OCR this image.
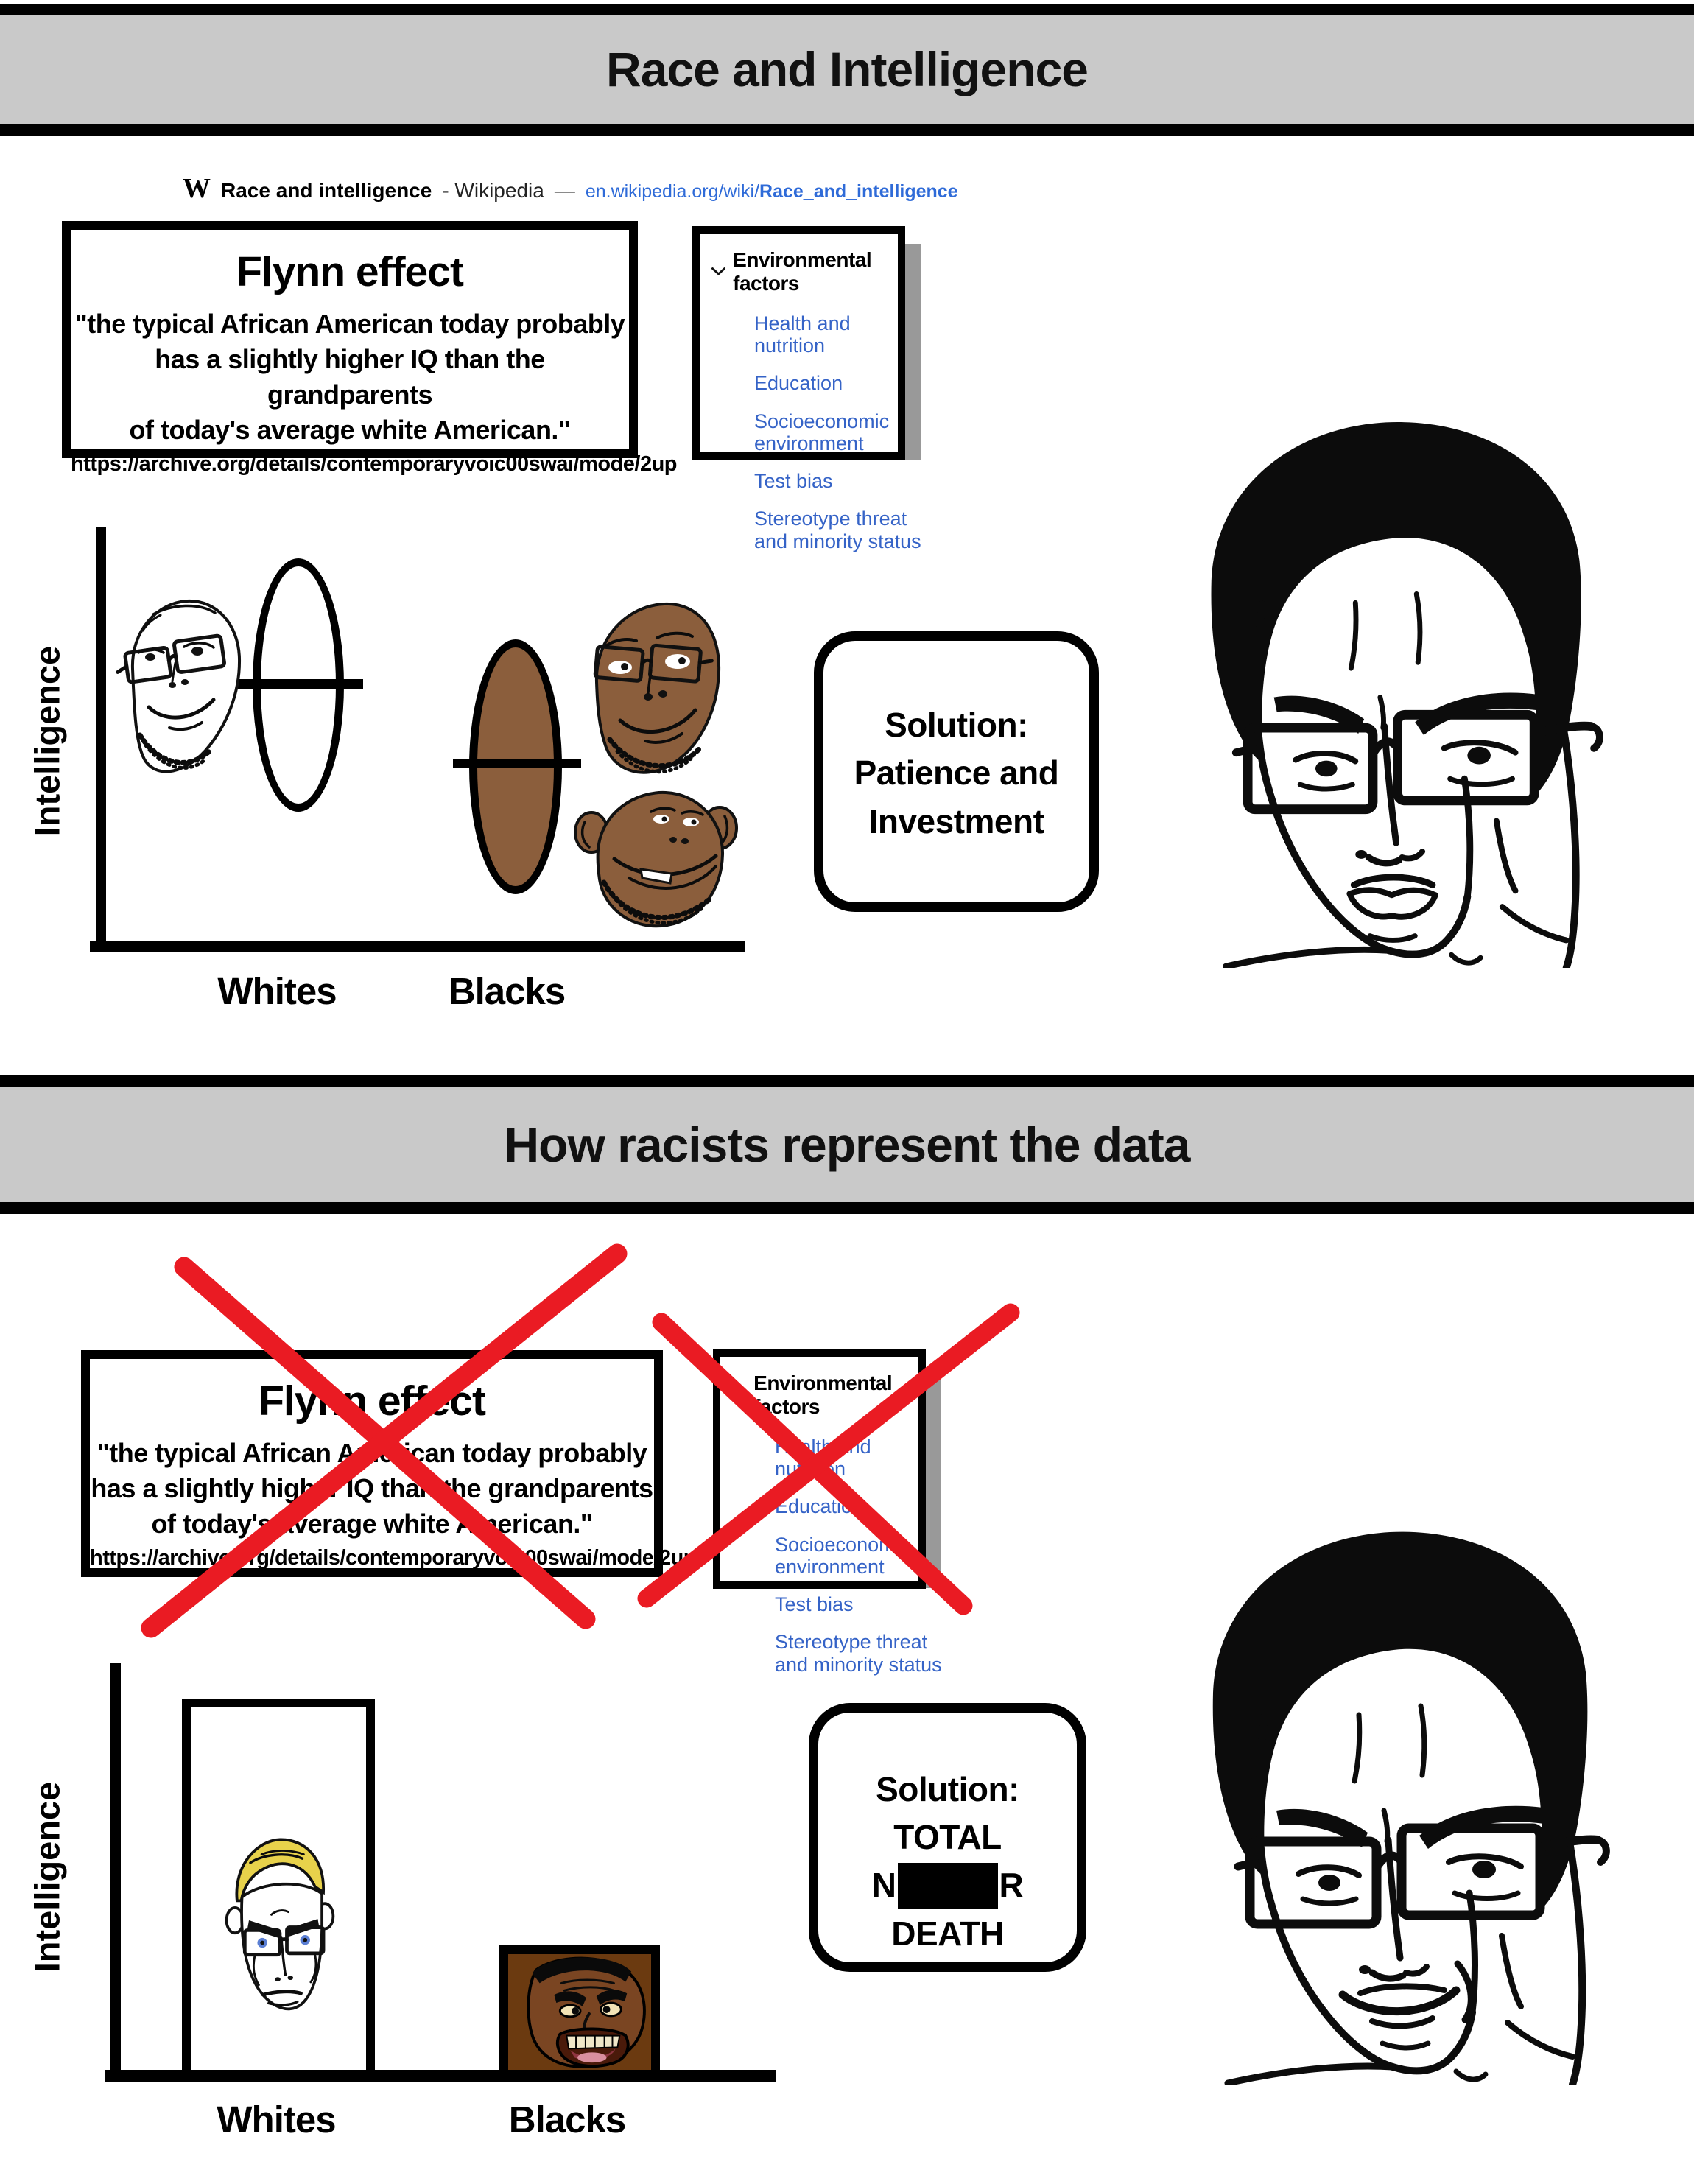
Race and Intelligence
W Race and intelligence - Wikipedia — en.wikipedia.org/wiki/Race_and_intelligence
Flynn effect
"the typical African American today probably
has a slightly higher IQ than the grandparents
of today's average white American."
https://archive.org/details/contemporaryvoic00swai/mode/2up
Environmental factors
Health and nutrition
Education
Socioeconomic environment
Test bias
Stereotype threat and minority status
Intelligence
Whites	Blacks
Solution:
Patience and
Investment
How racists represent the data
Flynn effect
"the typical African American today probably
has a slightly higher IQ than the grandparents
of today's average white American."
https://archive.org/details/contemporaryvoic00swai/mode/2up
Environmental factors
Health and nutrition
Education
Socioeconomic environment
Test bias
Stereotype threat and minority status
Intelligence
Whites	Blacks
Solution:
TOTAL
N	R
DEATH
